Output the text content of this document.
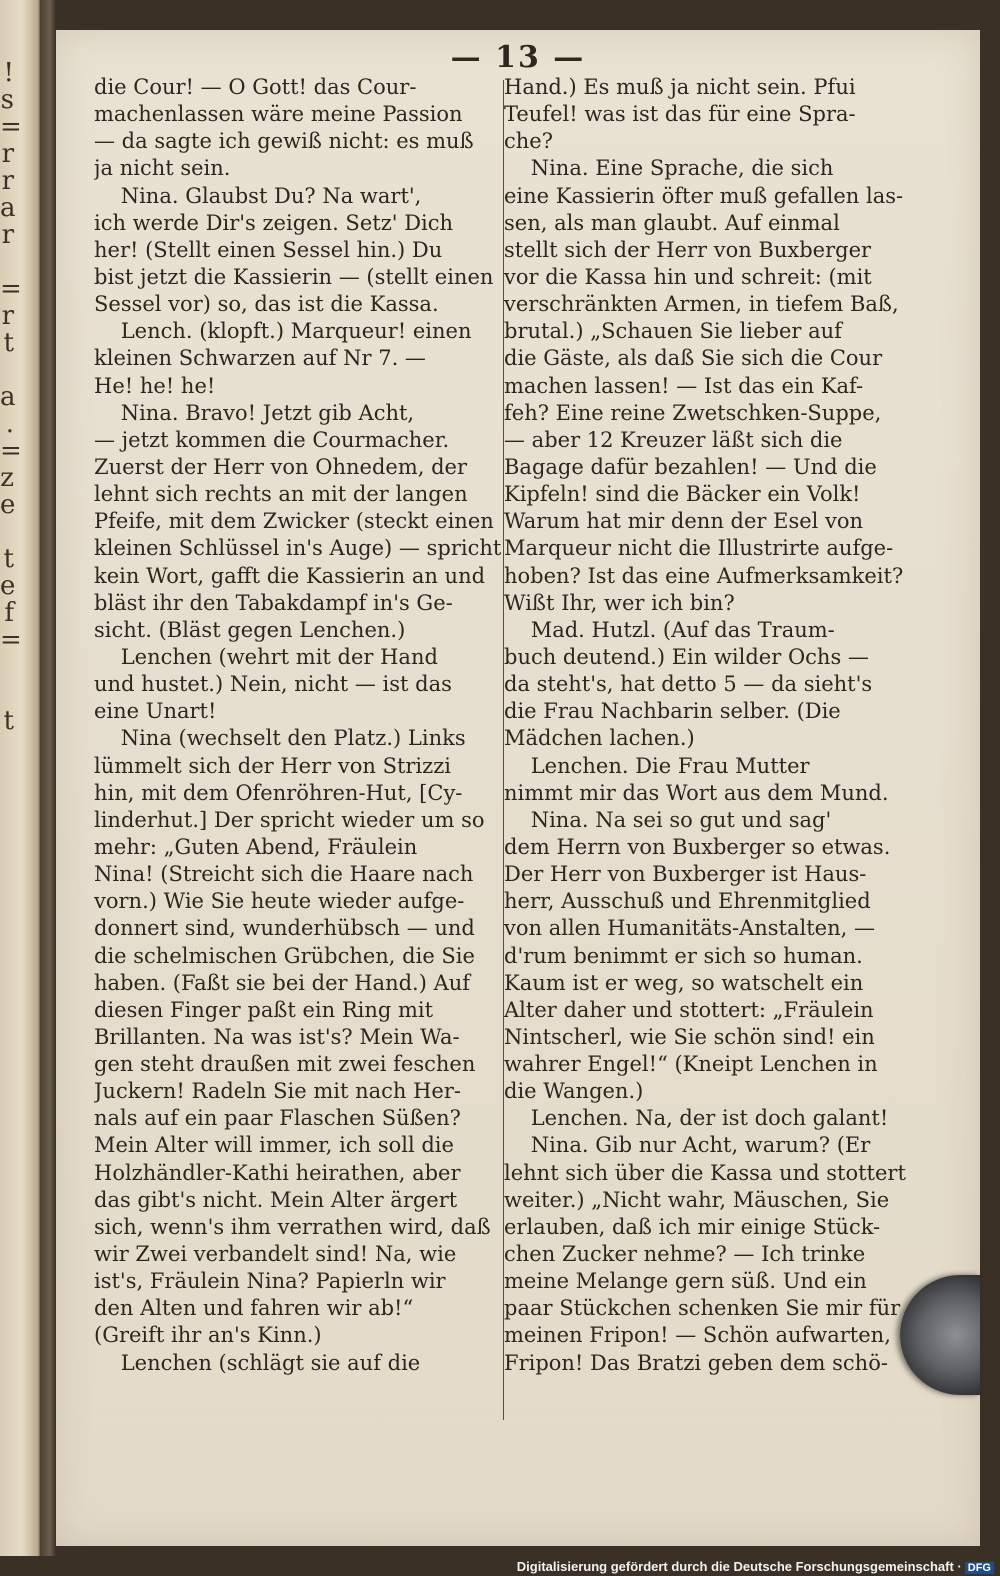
!
s
=
r
r
a
r
=
r
t
a
.
=
z
e
t
e
f
=
t
— 13 —
die Cour! — O Gott! das Cour-
machenlassen wäre meine Passion
— da sagte ich gewiß nicht: es muß
ja nicht sein.
Nina. Glaubst Du? Na wart',
ich werde Dir's zeigen. Setz' Dich
her! (Stellt einen Sessel hin.) Du
bist jetzt die Kassierin — (stellt einen
Sessel vor) so, das ist die Kassa.
Lench. (klopft.) Marqueur! einen
kleinen Schwarzen auf Nr 7. —
He! he! he!
Nina. Bravo! Jetzt gib Acht,
— jetzt kommen die Courmacher.
Zuerst der Herr von Ohnedem, der
lehnt sich rechts an mit der langen
Pfeife, mit dem Zwicker (steckt einen
kleinen Schlüssel in's Auge) — spricht
kein Wort, gafft die Kassierin an und
bläst ihr den Tabakdampf in's Ge-
sicht. (Bläst gegen Lenchen.)
Lenchen (wehrt mit der Hand
und hustet.) Nein, nicht — ist das
eine Unart!
Nina (wechselt den Platz.) Links
lümmelt sich der Herr von Strizzi
hin, mit dem Ofenröhren-Hut, [Cy-
linderhut.] Der spricht wieder um so
mehr: „Guten Abend, Fräulein
Nina! (Streicht sich die Haare nach
vorn.) Wie Sie heute wieder aufge-
donnert sind, wunderhübsch — und
die schelmischen Grübchen, die Sie
haben. (Faßt sie bei der Hand.) Auf
diesen Finger paßt ein Ring mit
Brillanten. Na was ist's? Mein Wa-
gen steht draußen mit zwei feschen
Juckern! Radeln Sie mit nach Her-
nals auf ein paar Flaschen Süßen?
Mein Alter will immer, ich soll die
Holzhändler-Kathi heirathen, aber
das gibt's nicht. Mein Alter ärgert
sich, wenn's ihm verrathen wird, daß
wir Zwei verbandelt sind! Na, wie
ist's, Fräulein Nina? Papierln wir
den Alten und fahren wir ab!“
(Greift ihr an's Kinn.)
Lenchen (schlägt sie auf die
Hand.) Es muß ja nicht sein. Pfui
Teufel! was ist das für eine Spra-
che?
Nina. Eine Sprache, die sich
eine Kassierin öfter muß gefallen las-
sen, als man glaubt. Auf einmal
stellt sich der Herr von Buxberger
vor die Kassa hin und schreit: (mit
verschränkten Armen, in tiefem Baß,
brutal.) „Schauen Sie lieber auf
die Gäste, als daß Sie sich die Cour
machen lassen! — Ist das ein Kaf-
feh? Eine reine Zwetschken-Suppe,
— aber 12 Kreuzer läßt sich die
Bagage dafür bezahlen! — Und die
Kipfeln! sind die Bäcker ein Volk!
Warum hat mir denn der Esel von
Marqueur nicht die Illustrirte aufge-
hoben? Ist das eine Aufmerksamkeit?
Wißt Ihr, wer ich bin?
Mad. Hutzl. (Auf das Traum-
buch deutend.) Ein wilder Ochs —
da steht's, hat detto 5 — da sieht's
die Frau Nachbarin selber. (Die
Mädchen lachen.)
Lenchen. Die Frau Mutter
nimmt mir das Wort aus dem Mund.
Nina. Na sei so gut und sag'
dem Herrn von Buxberger so etwas.
Der Herr von Buxberger ist Haus-
herr, Ausschuß und Ehrenmitglied
von allen Humanitäts-Anstalten, —
d'rum benimmt er sich so human.
Kaum ist er weg, so watschelt ein
Alter daher und stottert: „Fräulein
Nintscherl, wie Sie schön sind! ein
wahrer Engel!“ (Kneipt Lenchen in
die Wangen.)
Lenchen. Na, der ist doch galant!
Nina. Gib nur Acht, warum? (Er
lehnt sich über die Kassa und stottert
weiter.) „Nicht wahr, Mäuschen, Sie
erlauben, daß ich mir einige Stück-
chen Zucker nehme? — Ich trinke
meine Melange gern süß. Und ein
paar Stückchen schenken Sie mir für
meinen Fripon! — Schön aufwarten,
Fripon! Das Bratzi geben dem schö-
Digitalisierung gefördert durch die Deutsche Forschungsgemeinschaft · DFG
